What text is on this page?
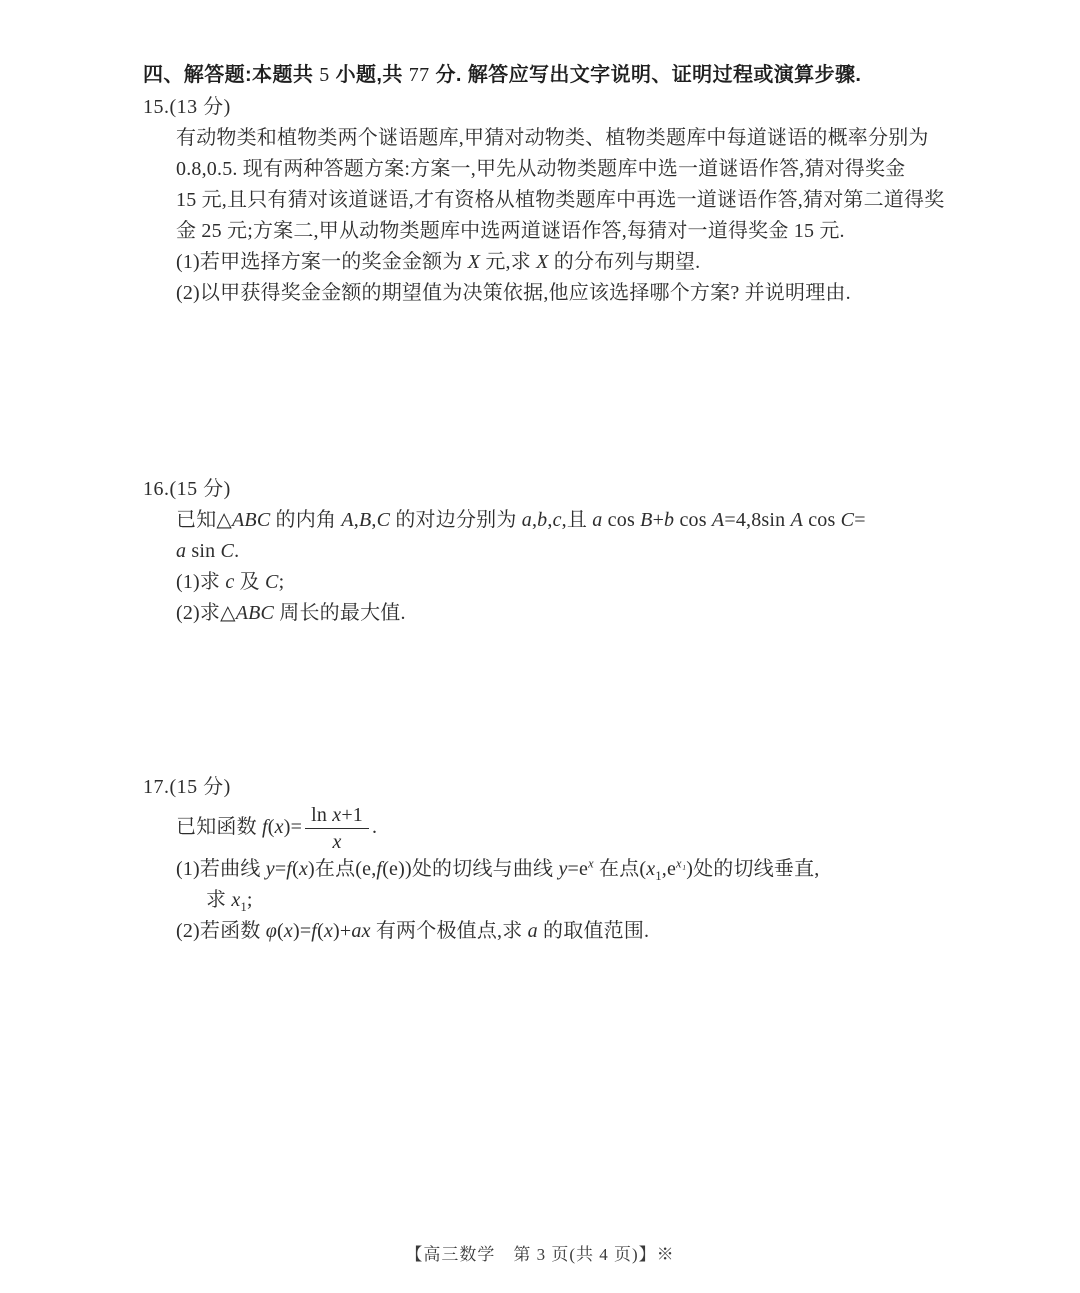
四、解答题:本题共 5 小题,共 77 分. 解答应写出文字说明、证明过程或演算步骤.
15.(13 分)
有动物类和植物类两个谜语题库,甲猜对动物类、植物类题库中每道谜语的概率分别为
0.8,0.5. 现有两种答题方案:方案一,甲先从动物类题库中选一道谜语作答,猜对得奖金
15 元,且只有猜对该道谜语,才有资格从植物类题库中再选一道谜语作答,猜对第二道得奖
金 25 元;方案二,甲从动物类题库中选两道谜语作答,每猜对一道得奖金 15 元.
(1)若甲选择方案一的奖金金额为 X 元,求 X 的分布列与期望.
(2)以甲获得奖金金额的期望值为决策依据,他应该选择哪个方案? 并说明理由.
16.(15 分)
已知△ABC 的内角 A,B,C 的对边分别为 a,b,c,且 a cos B+b cos A=4,8sin A cos C=
a sin C.
(1)求 c 及 C;
(2)求△ABC 周长的最大值.
17.(15 分)
已知函数 $f(x)= \frac{\text{ln x+1}}{x}$ .
(1)若曲线 y=f(x)在点(e,f(e))处的切线与曲线 $y=e^x$ 在点$(x_1,e^{x_1})$处的切线垂直,
求 $x_1$;
(2)若函数 φ(x)=f(x)+ax 有两个极值点,求 a 的取值范围.
【高三数学　第 3 页(共 4 页)】※
